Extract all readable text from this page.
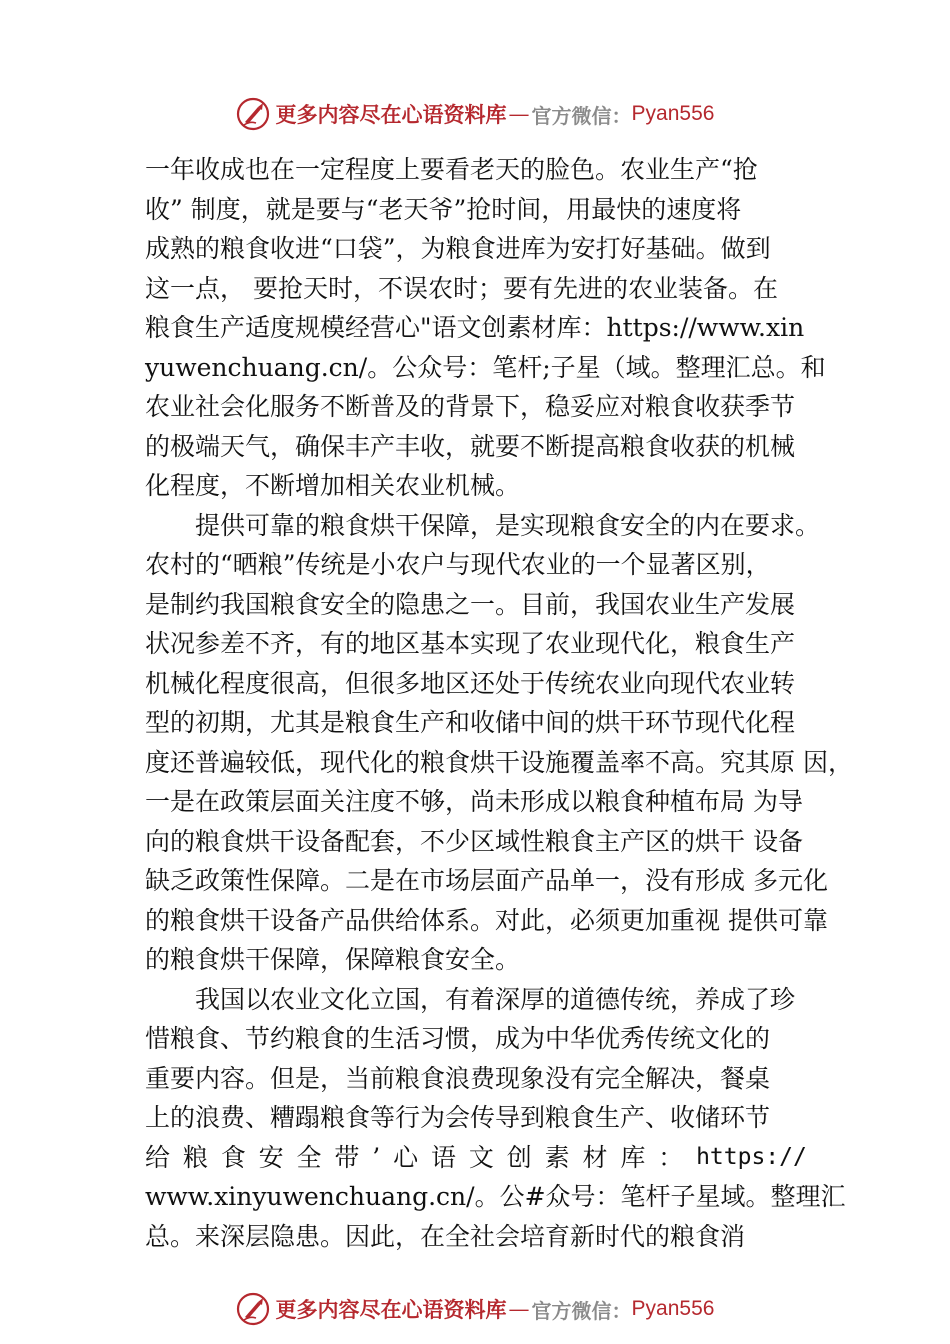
更多内容尽在心语资料库 — 官方微信： Pyan556
一年收成也在一定程度上要看老天的脸色。农业生产“抢
收” 制度，就是要与“老天爷”抢时间，用最快的速度将
成熟的粮食收进“口袋”，为粮食进库为安打好基础。做到
这一点， 要抢天时，不误农时；要有先进的农业装备。在
粮食生产适度规模经营心"语文创素材库：https://www.xin
yuwenchuang.cn/。公众号：笔杆;子星（域。整理汇总。和
农业社会化服务不断普及的背景下，稳妥应对粮食收获季节
的极端天气，确保丰产丰收，就要不断提高粮食收获的机械
化程度，不断增加相关农业机械。
提供可靠的粮食烘干保障，是实现粮食安全的内在要求。
农村的“晒粮”传统是小农户与现代农业的一个显著区别，
是制约我国粮食安全的隐患之一。目前，我国农业生产发展
状况参差不齐，有的地区基本实现了农业现代化，粮食生产
机械化程度很高，但很多地区还处于传统农业向现代农业转
型的初期，尤其是粮食生产和收储中间的烘干环节现代化程
度还普遍较低，现代化的粮食烘干设施覆盖率不高。究其原 因，
一是在政策层面关注度不够，尚未形成以粮食种植布局 为导
向的粮食烘干设备配套，不少区域性粮食主产区的烘干 设备
缺乏政策性保障。二是在市场层面产品单一，没有形成 多元化
的粮食烘干设备产品供给体系。对此，必须更加重视 提供可靠
的粮食烘干保障，保障粮食安全。
我国以农业文化立国，有着深厚的道德传统，养成了珍
惜粮食、节约粮食的生活习惯，成为中华优秀传统文化的
重要内容。但是，当前粮食浪费现象没有完全解决，餐桌
上的浪费、糟蹋粮食等行为会传导到粮食生产、收储环节
给 粮 食 安 全 带 ’ 心 语 文 创 素 材 库 ： https://
www.xinyuwenchuang.cn/。公#众号：笔杆子星域。整理汇
总。来深层隐患。因此，在全社会培育新时代的粮食消
更多内容尽在心语资料库 — 官方微信： Pyan556
